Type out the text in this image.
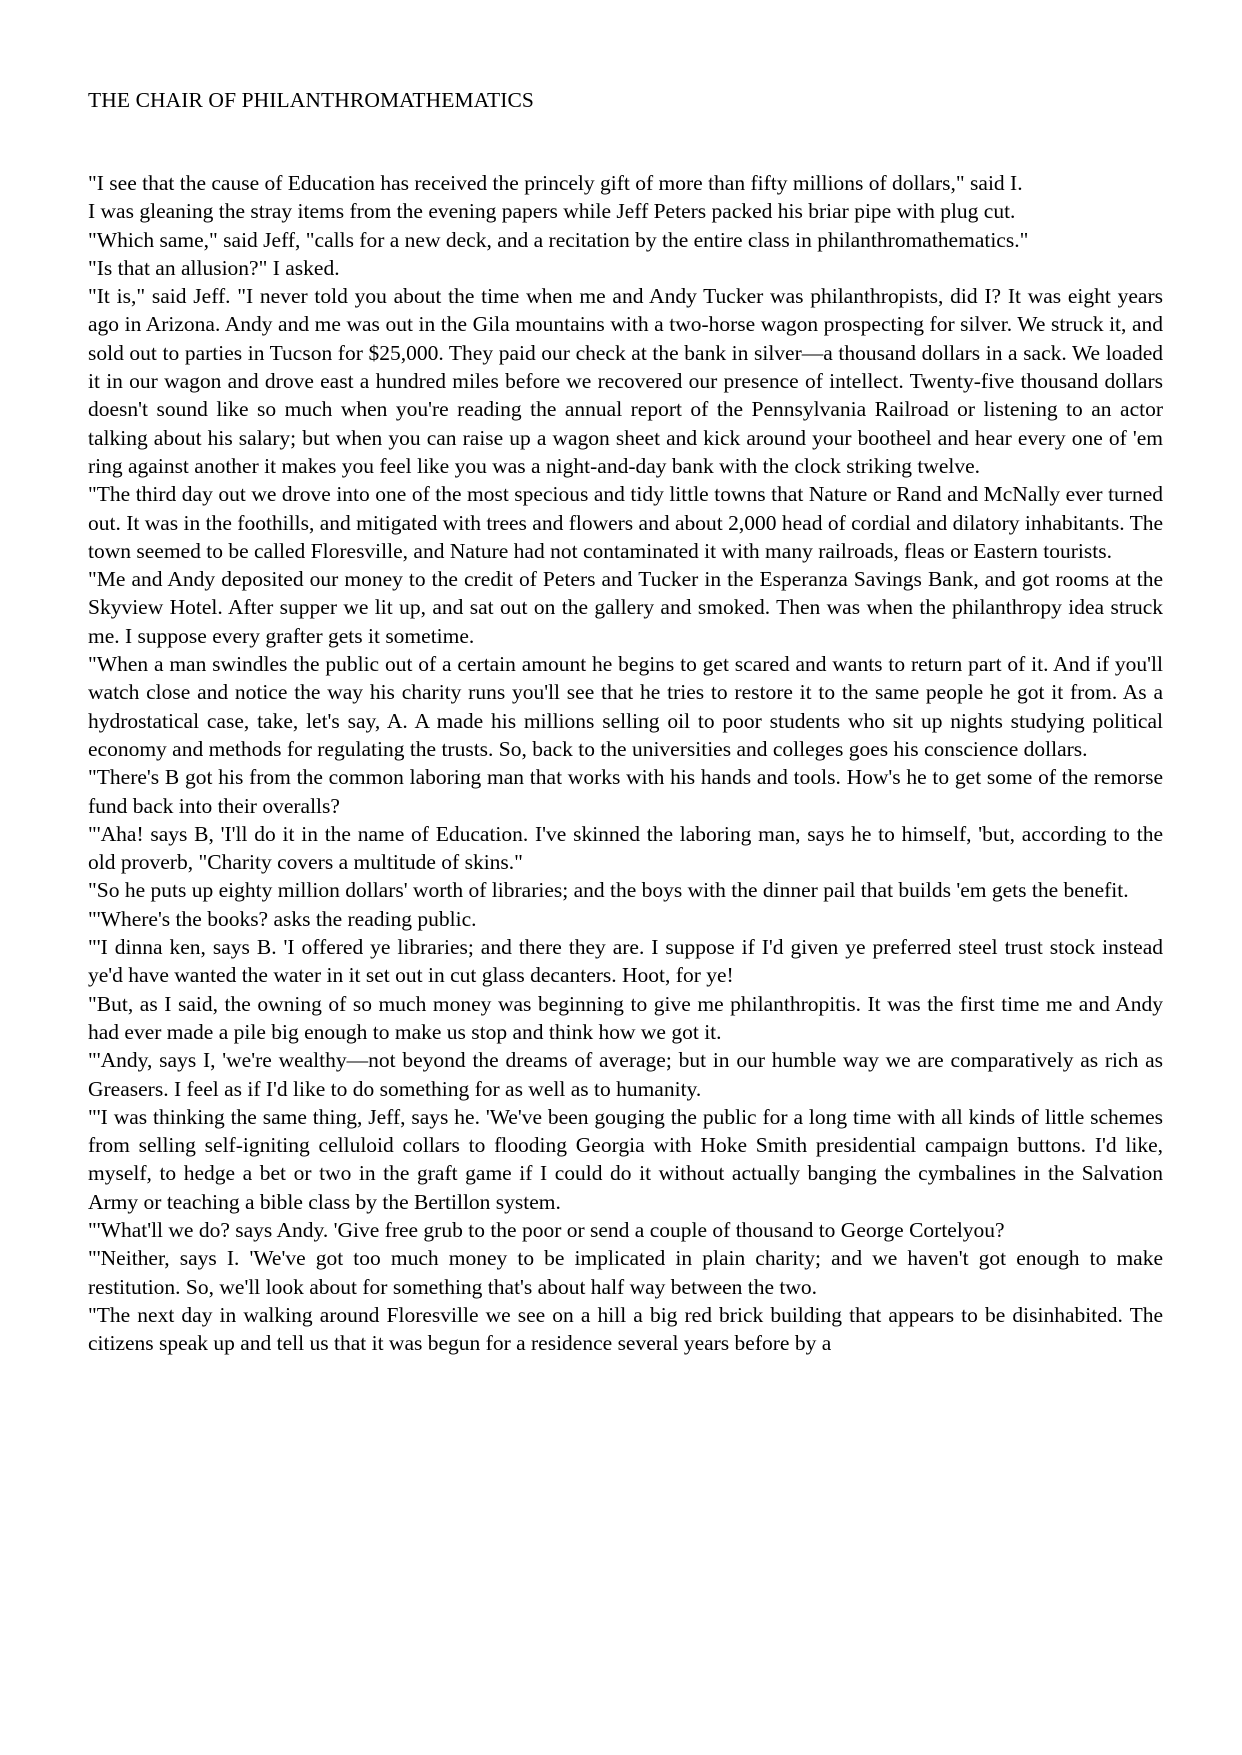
THE CHAIR OF PHILANTHROMATHEMATICS

"I see that the cause of Education has received the princely gift of more than fifty millions of dollars," said I.

I was gleaning the stray items from the evening papers while Jeff Peters packed his briar pipe with plug cut.

"Which same," said Jeff, "calls for a new deck, and a recitation by the entire class in philanthromathematics."

"Is that an allusion?" I asked.

"It is," said Jeff. "I never told you about the time when me and Andy Tucker was philanthropists, did I? It was eight years ago in Arizona. Andy and me was out in the Gila mountains with a two-horse wagon prospecting for silver. We struck it, and sold out to parties in Tucson for $25,000. They paid our check at the bank in silver—a thousand dollars in a sack. We loaded it in our wagon and drove east a hundred miles before we recovered our presence of intellect. Twenty-five thousand dollars doesn't sound like so much when you're reading the annual report of the Pennsylvania Railroad or listening to an actor talking about his salary; but when you can raise up a wagon sheet and kick around your bootheel and hear every one of 'em ring against another it makes you feel like you was a night-and-day bank with the clock striking twelve.

"The third day out we drove into one of the most specious and tidy little towns that Nature or Rand and McNally ever turned out. It was in the foothills, and mitigated with trees and flowers and about 2,000 head of cordial and dilatory inhabitants. The town seemed to be called Floresville, and Nature had not contaminated it with many railroads, fleas or Eastern tourists.

"Me and Andy deposited our money to the credit of Peters and Tucker in the Esperanza Savings Bank, and got rooms at the Skyview Hotel. After supper we lit up, and sat out on the gallery and smoked. Then was when the philanthropy idea struck me. I suppose every grafter gets it sometime.

"When a man swindles the public out of a certain amount he begins to get scared and wants to return part of it. And if you'll watch close and notice the way his charity runs you'll see that he tries to restore it to the same people he got it from. As a hydrostatical case, take, let's say, A. A made his millions selling oil to poor students who sit up nights studying political economy and methods for regulating the trusts. So, back to the universities and colleges goes his conscience dollars.

"There's B got his from the common laboring man that works with his hands and tools. How's he to get some of the remorse fund back into their overalls?

"'Aha! says B, 'I'll do it in the name of Education. I've skinned the laboring man, says he to himself, 'but, according to the old proverb, "Charity covers a multitude of skins."

"So he puts up eighty million dollars' worth of libraries; and the boys with the dinner pail that builds 'em gets the benefit.

"'Where's the books? asks the reading public.

"'I dinna ken, says B. 'I offered ye libraries; and there they are. I suppose if I'd given ye preferred steel trust stock instead ye'd have wanted the water in it set out in cut glass decanters. Hoot, for ye!

"But, as I said, the owning of so much money was beginning to give me philanthropitis. It was the first time me and Andy had ever made a pile big enough to make us stop and think how we got it.

"'Andy, says I, 'we're wealthy—not beyond the dreams of average; but in our humble way we are comparatively as rich as Greasers. I feel as if I'd like to do something for as well as to humanity.

"'I was thinking the same thing, Jeff, says he. 'We've been gouging the public for a long time with all kinds of little schemes from selling self-igniting celluloid collars to flooding Georgia with Hoke Smith presidential campaign buttons. I'd like, myself, to hedge a bet or two in the graft game if I could do it without actually banging the cymbalines in the Salvation Army or teaching a bible class by the Bertillon system.

"'What'll we do? says Andy. 'Give free grub to the poor or send a couple of thousand to George Cortelyou?

"'Neither, says I. 'We've got too much money to be implicated in plain charity; and we haven't got enough to make restitution. So, we'll look about for something that's about half way between the two.

"The next day in walking around Floresville we see on a hill a big red brick building that appears to be disinhabited. The citizens speak up and tell us that it was begun for a residence several years before by a
